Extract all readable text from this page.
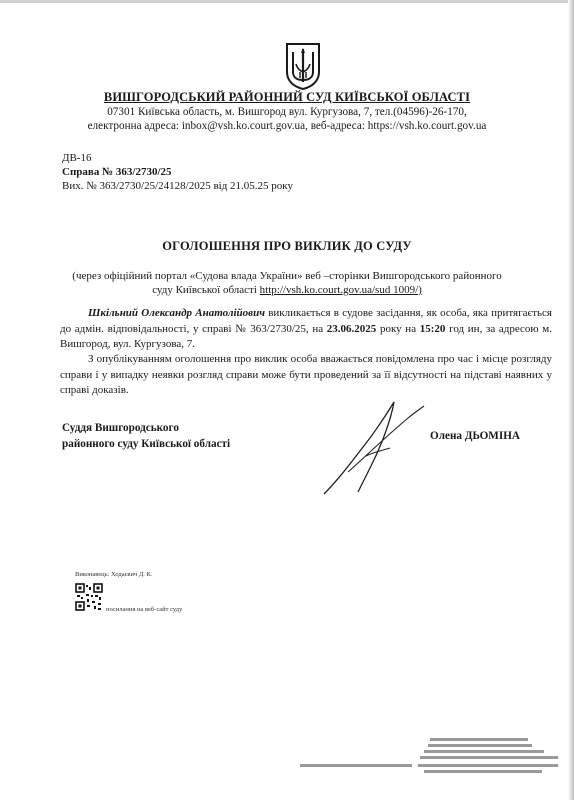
ВИШГОРОДСЬКИЙ РАЙОННИЙ СУД КИЇВСЬКОЇ ОБЛАСТІ
07301 Київська область, м. Вишгород вул. Кургузова, 7, тел.(04596)-26-170,
електронна адреса: inbox@vsh.ko.court.gov.ua, веб-адреса: https://vsh.ko.court.gov.ua
ДВ-16
Справа № 363/2730/25
Вих. № 363/2730/25/24128/2025 від 21.05.25 року
ОГОЛОШЕННЯ ПРО ВИКЛИК ДО СУДУ
(через офіційний портал «Судова влада України» веб –сторінки Вишгородського районного
суду Київської області http://vsh.ko.court.gov.ua/sud 1009/)
Шкільний Олександр Анатолійович викликається в судове засідання, як особа, яка притягається до адмін. відповідальності, у справі № 363/2730/25, на 23.06.2025 року на 15:20 год ин, за адресою м. Вишгород, вул. Кургузова, 7.
З опублікуванням оголошення про виклик особа вважається повідомлена про час і місце розгляду справи і у випадку неявки розгляд справи може бути проведений за її відсутності на підставі наявних у справі доказів.
Суддя Вишгородського
районного суду Київської області
Олена ДЬОМІНА
Виконавець: Ходаєвич Д. К.
посилання на веб-сайт суду
